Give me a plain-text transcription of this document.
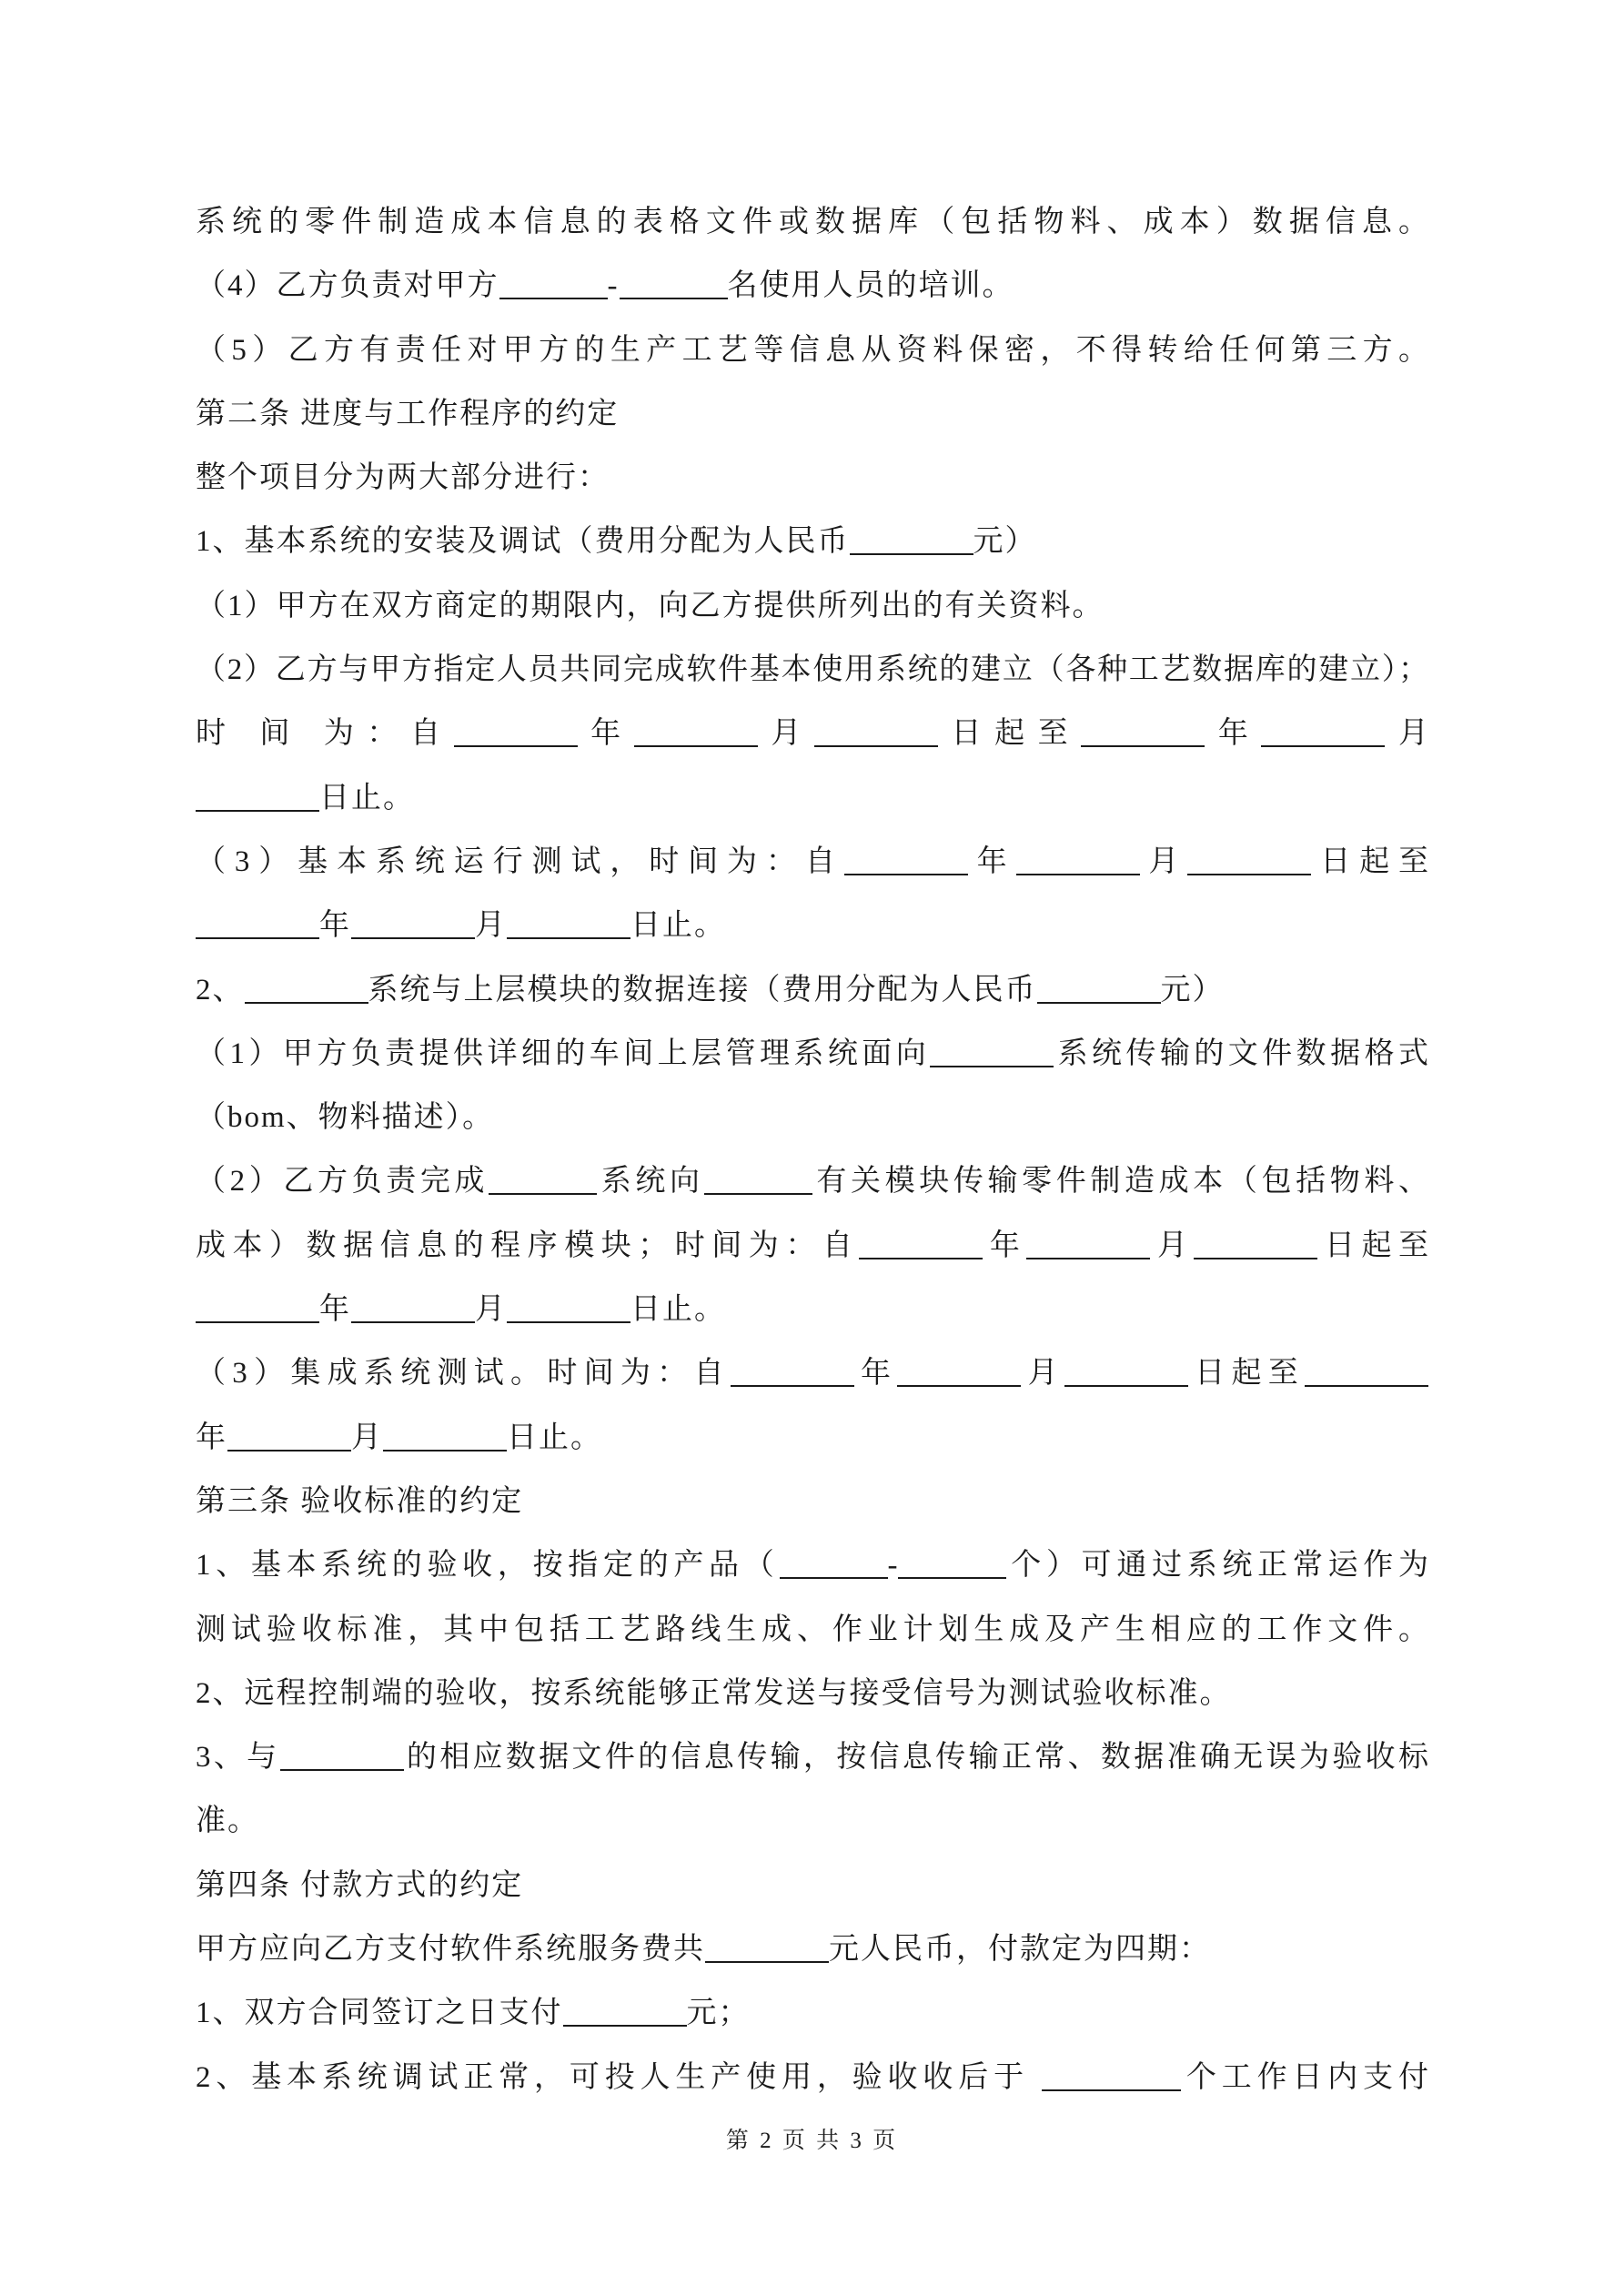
系统的零件制造成本信息的表格文件或数据库（包括物料、成本）数据信息。
（4）乙方负责对甲方	-	名使用人员的培训。
（5）乙方有责任对甲方的生产工艺等信息从资料保密，不得转给任何第三方。
第二条 进度与工作程序的约定
整个项目分为两大部分进行：
1、基本系统的安装及调试（费用分配为人民币	元）
（1）甲方在双方商定的期限内，向乙方提供所列出的有关资料。
（2）乙方与甲方指定人员共同完成软件基本使用系统的建立（各种工艺数据库的建立）；
时 间 为：自	年	月	日起至	年	月
日止。
（3）基本系统运行测试，时间为：自	年	月	日起至
年	月	日止。
2、	系统与上层模块的数据连接（费用分配为人民币	元）
（1）甲方负责提供详细的车间上层管理系统面向	系统传输的文件数据格式
（bom、物料描述）。
（2）乙方负责完成	系统向	有关模块传输零件制造成本（包括物料、
成本）数据信息的程序模块；时间为：自	年	月	日起至
年	月	日止。
（3）集成系统测试。时间为：自	年	月	日起至
年	月	日止。
第三条 验收标准的约定
1、基本系统的验收，按指定的产品（	-	个）可通过系统正常运作为
测试验收标准，其中包括工艺路线生成、作业计划生成及产生相应的工作文件。
2、远程控制端的验收，按系统能够正常发送与接受信号为测试验收标准。
3、与	的相应数据文件的信息传输，按信息传输正常、数据准确无误为验收标
准。
第四条 付款方式的约定
甲方应向乙方支付软件系统服务费共	元人民币，付款定为四期：
1、双方合同签订之日支付	元；
2、基本系统调试正常，可投人生产使用，验收收后于	个工作日内支付
第 2 页 共 3 页
